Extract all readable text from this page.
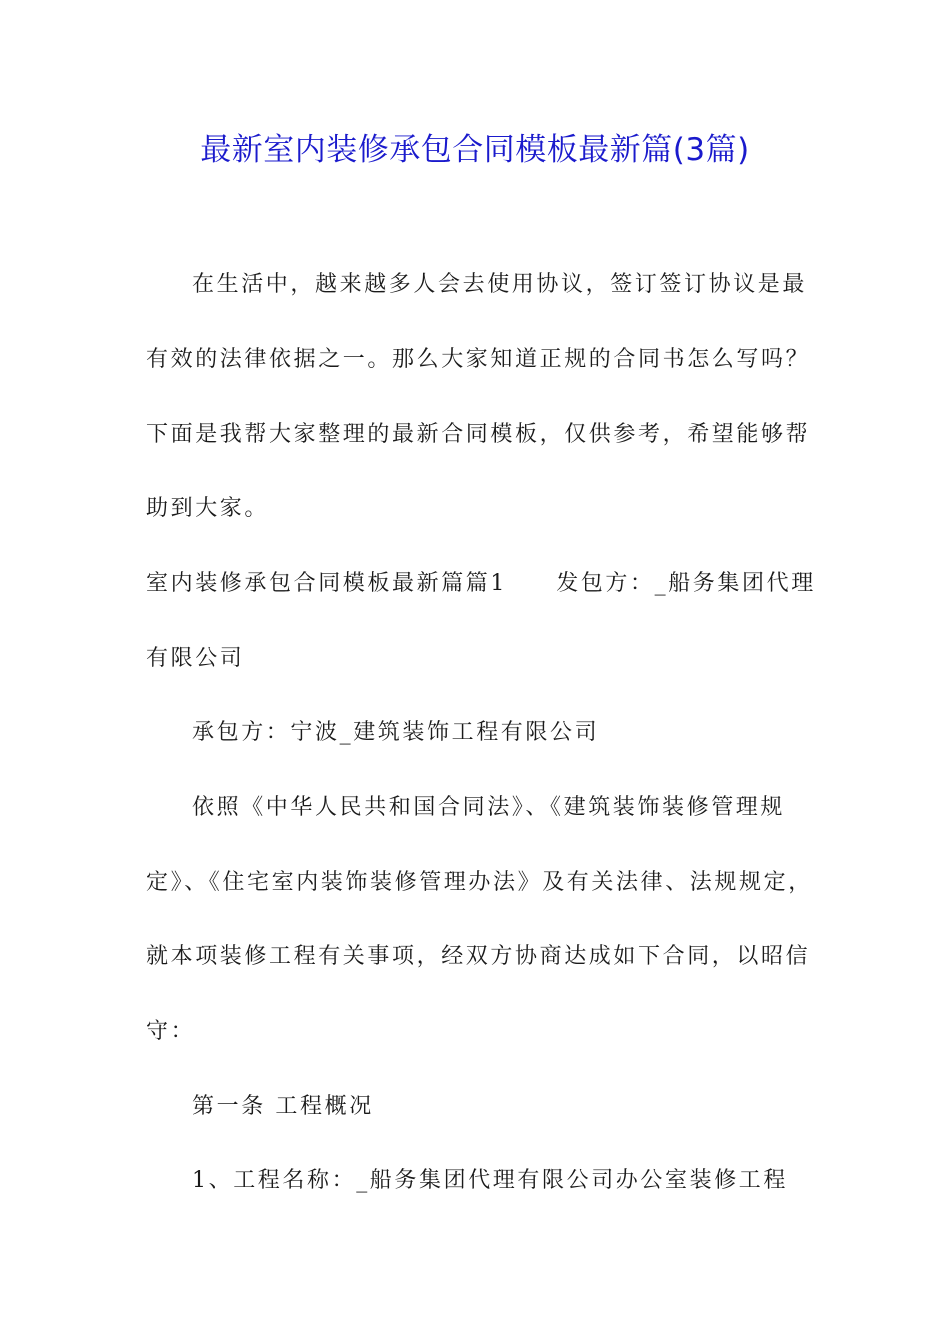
最新室内装修承包合同模板最新篇(3篇)
在生活中，越来越多人会去使用协议，签订签订协议是最
有效的法律依据之一。那么大家知道正规的合同书怎么写吗？
下面是我帮大家整理的最新合同模板，仅供参考，希望能够帮
助到大家。
室内装修承包合同模板最新篇篇1　　发包方：_船务集团代理
有限公司
承包方：宁波_建筑装饰工程有限公司
依照《中华人民共和国合同法》、《建筑装饰装修管理规
定》、《住宅室内装饰装修管理办法》及有关法律、法规规定，
就本项装修工程有关事项，经双方协商达成如下合同，以昭信
守：
第一条 工程概况
1、工程名称：_船务集团代理有限公司办公室装修工程
